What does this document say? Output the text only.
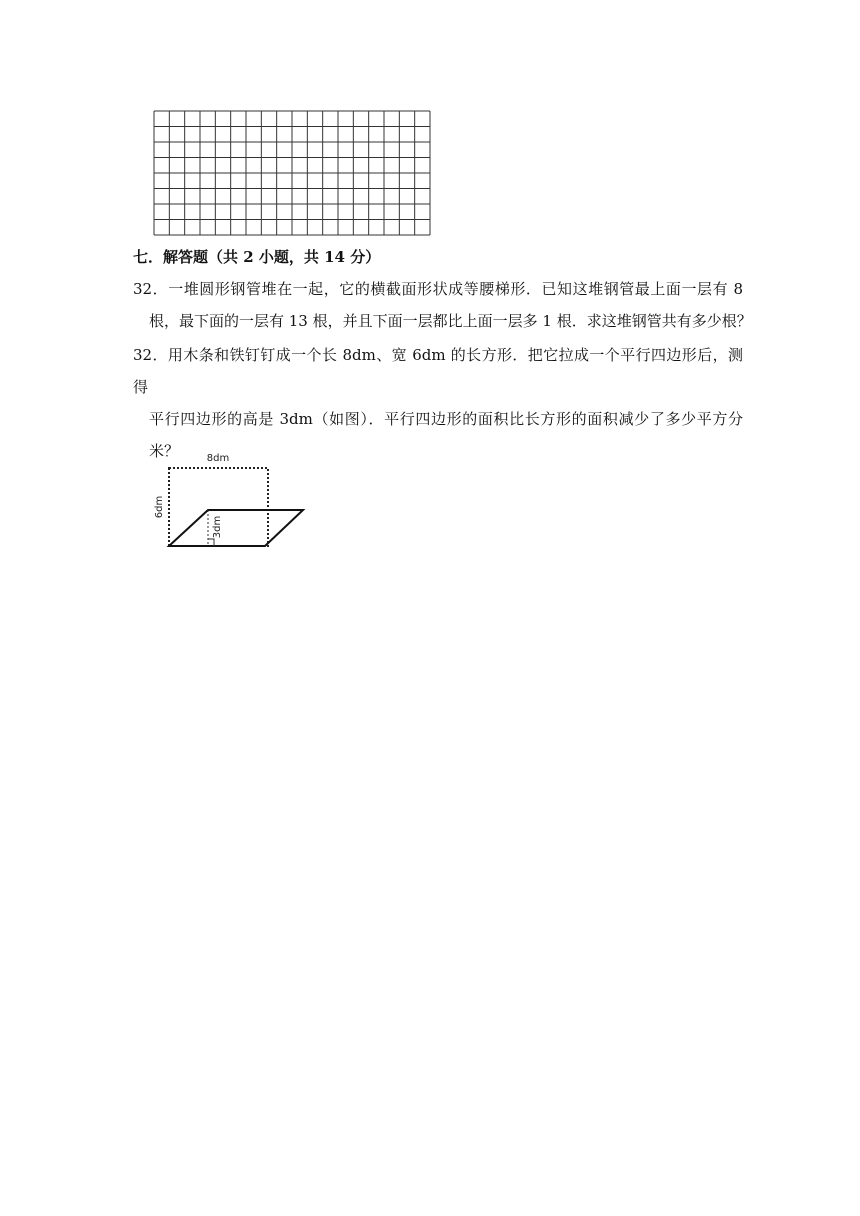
七．解答题（共 2 小题，共 14 分）
32．一堆圆形钢管堆在一起，它的横截面形状成等腰梯形．已知这堆钢管最上面一层有 8
根，最下面的一层有 13 根，并且下面一层都比上面一层多 1 根．求这堆钢管共有多少根？
32．用木条和铁钉钉成一个长 8dm、宽 6dm 的长方形．把它拉成一个平行四边形后，测得
平行四边形的高是 3dm（如图）．平行四边形的面积比长方形的面积减少了多少平方分
米？	8dm
6dm
3dm
